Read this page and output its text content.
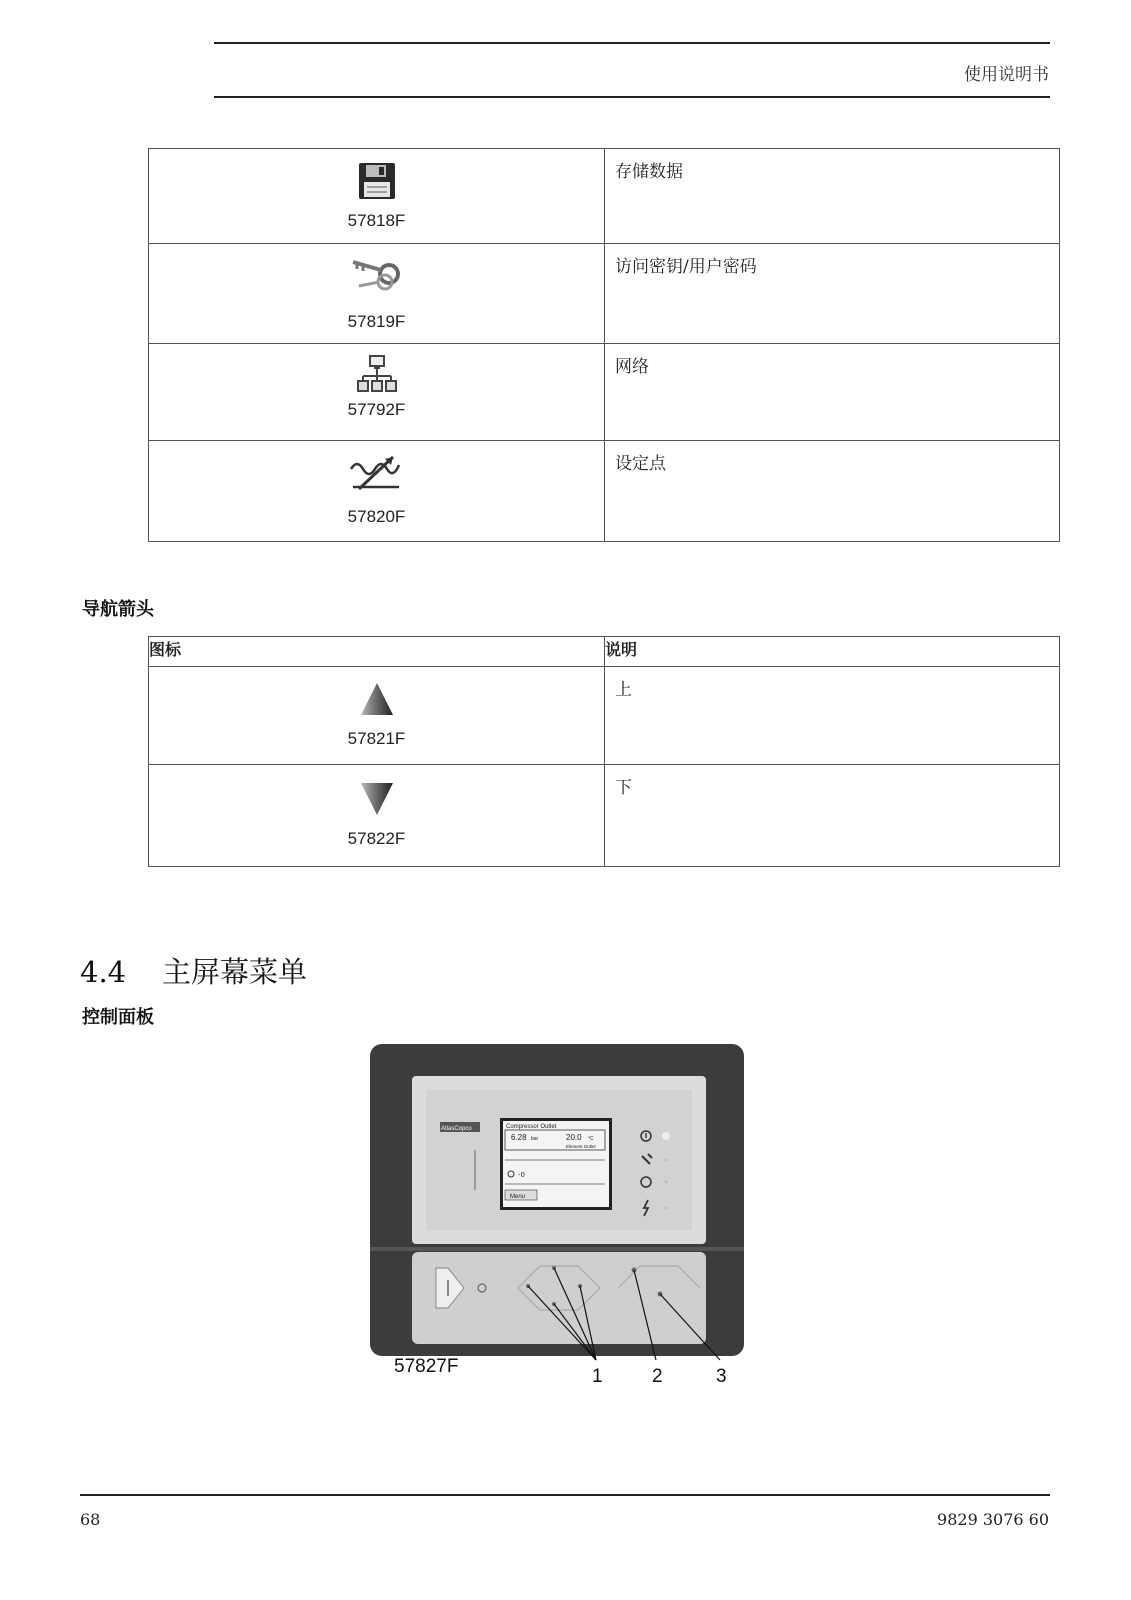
使用说明书
57818F	存储数据

57819F	访问密钥/用户密码

57792F	网络

57820F	设定点
导航箭头
图标	说明

57821F	上

57822F	下
4.4 主屏幕菜单
控制面板
AtlasCopco	Compressor Outlet
6.28 bar	20.0 °C
Element Outlet
-0
Menu
57827F	1	2	3
68	9829 3076 60
